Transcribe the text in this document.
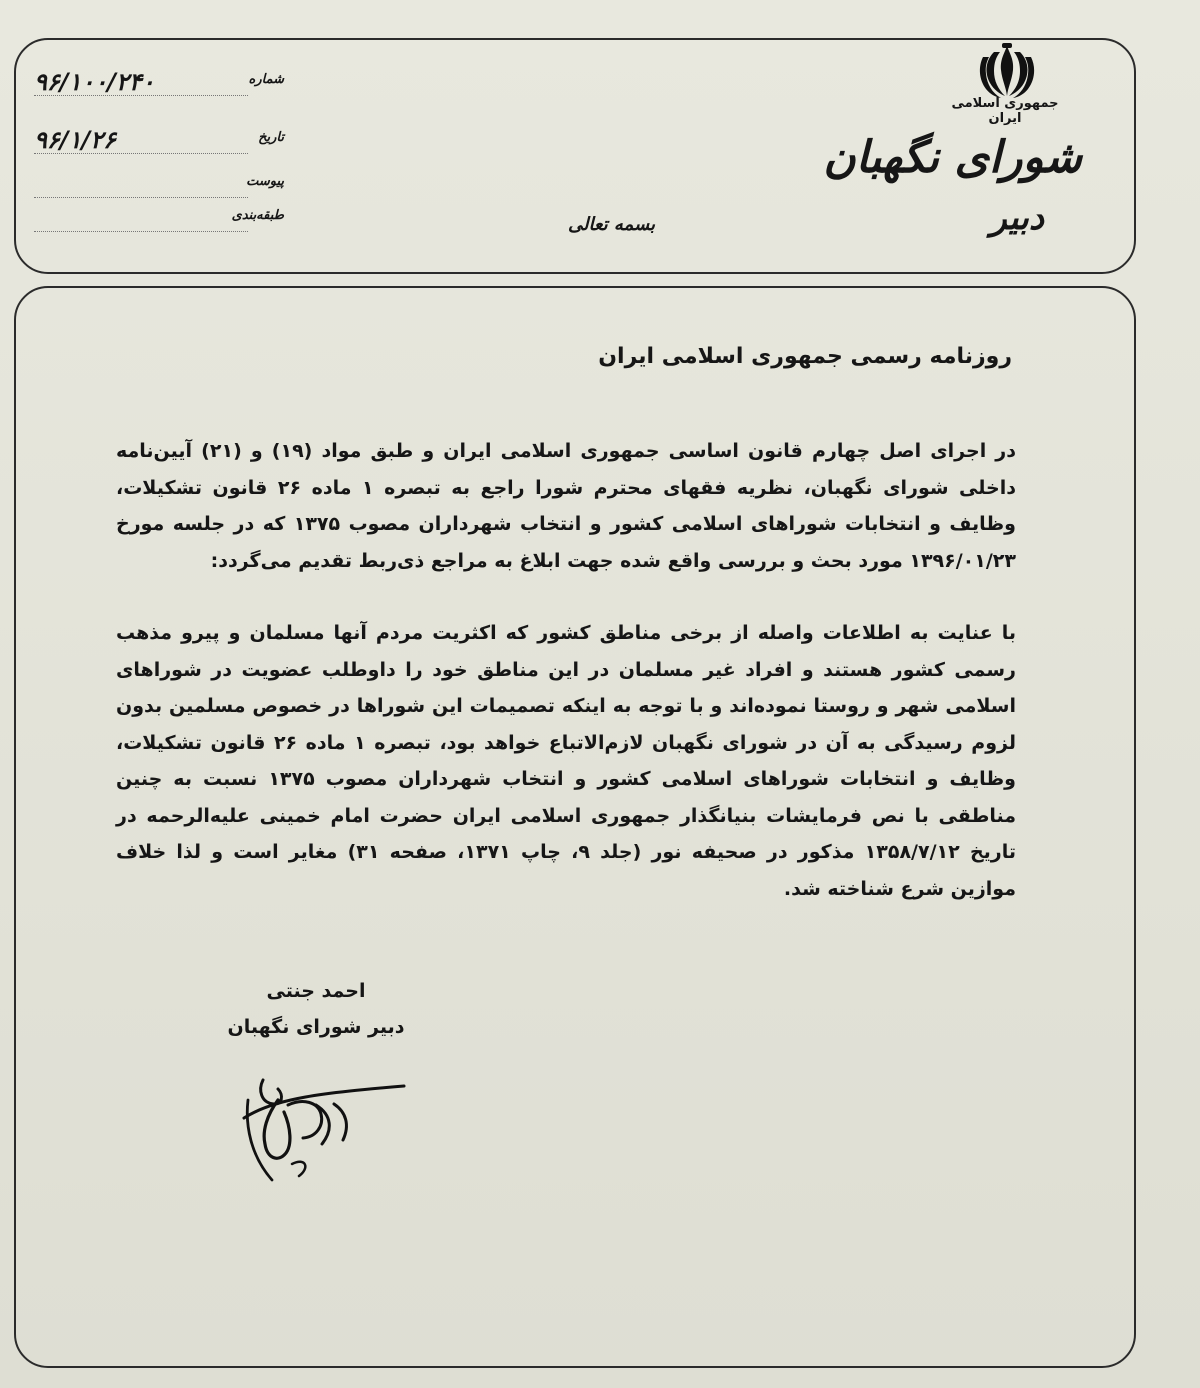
جمهوری اسلامی ایران
شورای نگهبان
دبیر
بسمه تعالی
شماره
۹۶/۱۰۰/۲۴۰
تاریخ
۹۶/۱/۲۶
پیوست
طبقه‌بندی
روزنامه رسمی جمهوری اسلامی ایران

در اجرای اصل چهارم قانون اساسی جمهوری اسلامی ایران و طبق مواد (۱۹) و (۲۱) آیین‌نامه داخلی شورای نگهبان، نظریه فقهای محترم شورا راجع به تبصره ۱ ماده ۲۶ قانون تشکیلات، وظایف و انتخابات شوراهای اسلامی کشور و انتخاب شهرداران مصوب ۱۳۷۵ که در جلسه مورخ ۱۳۹۶/۰۱/۲۳ مورد بحث و بررسی واقع شده جهت ابلاغ به مراجع ذی‌ربط تقدیم می‌گردد:

با عنایت به اطلاعات واصله از برخی مناطق کشور که اکثریت مردم آنها مسلمان و پیرو مذهب رسمی کشور هستند و افراد غیر مسلمان در این مناطق خود را داوطلب عضویت در شوراهای اسلامی شهر و روستا نموده‌اند و با توجه به اینکه تصمیمات این شوراها در خصوص مسلمین بدون لزوم رسیدگی به آن در شورای نگهبان لازم‌الاتباع خواهد بود، تبصره ۱ ماده ۲۶ قانون تشکیلات، وظایف و انتخابات شوراهای اسلامی کشور و انتخاب شهرداران مصوب ۱۳۷۵ نسبت به چنین مناطقی با نص فرمایشات بنیانگذار جمهوری اسلامی ایران حضرت امام خمینی علیه‌الرحمه در تاریخ ۱۳۵۸/۷/۱۲ مذکور در صحیفه نور (جلد ۹، چاپ ۱۳۷۱، صفحه ۳۱) مغایر است و لذا خلاف موازین شرع شناخته شد.

احمد جنتی
دبیر شورای نگهبان
